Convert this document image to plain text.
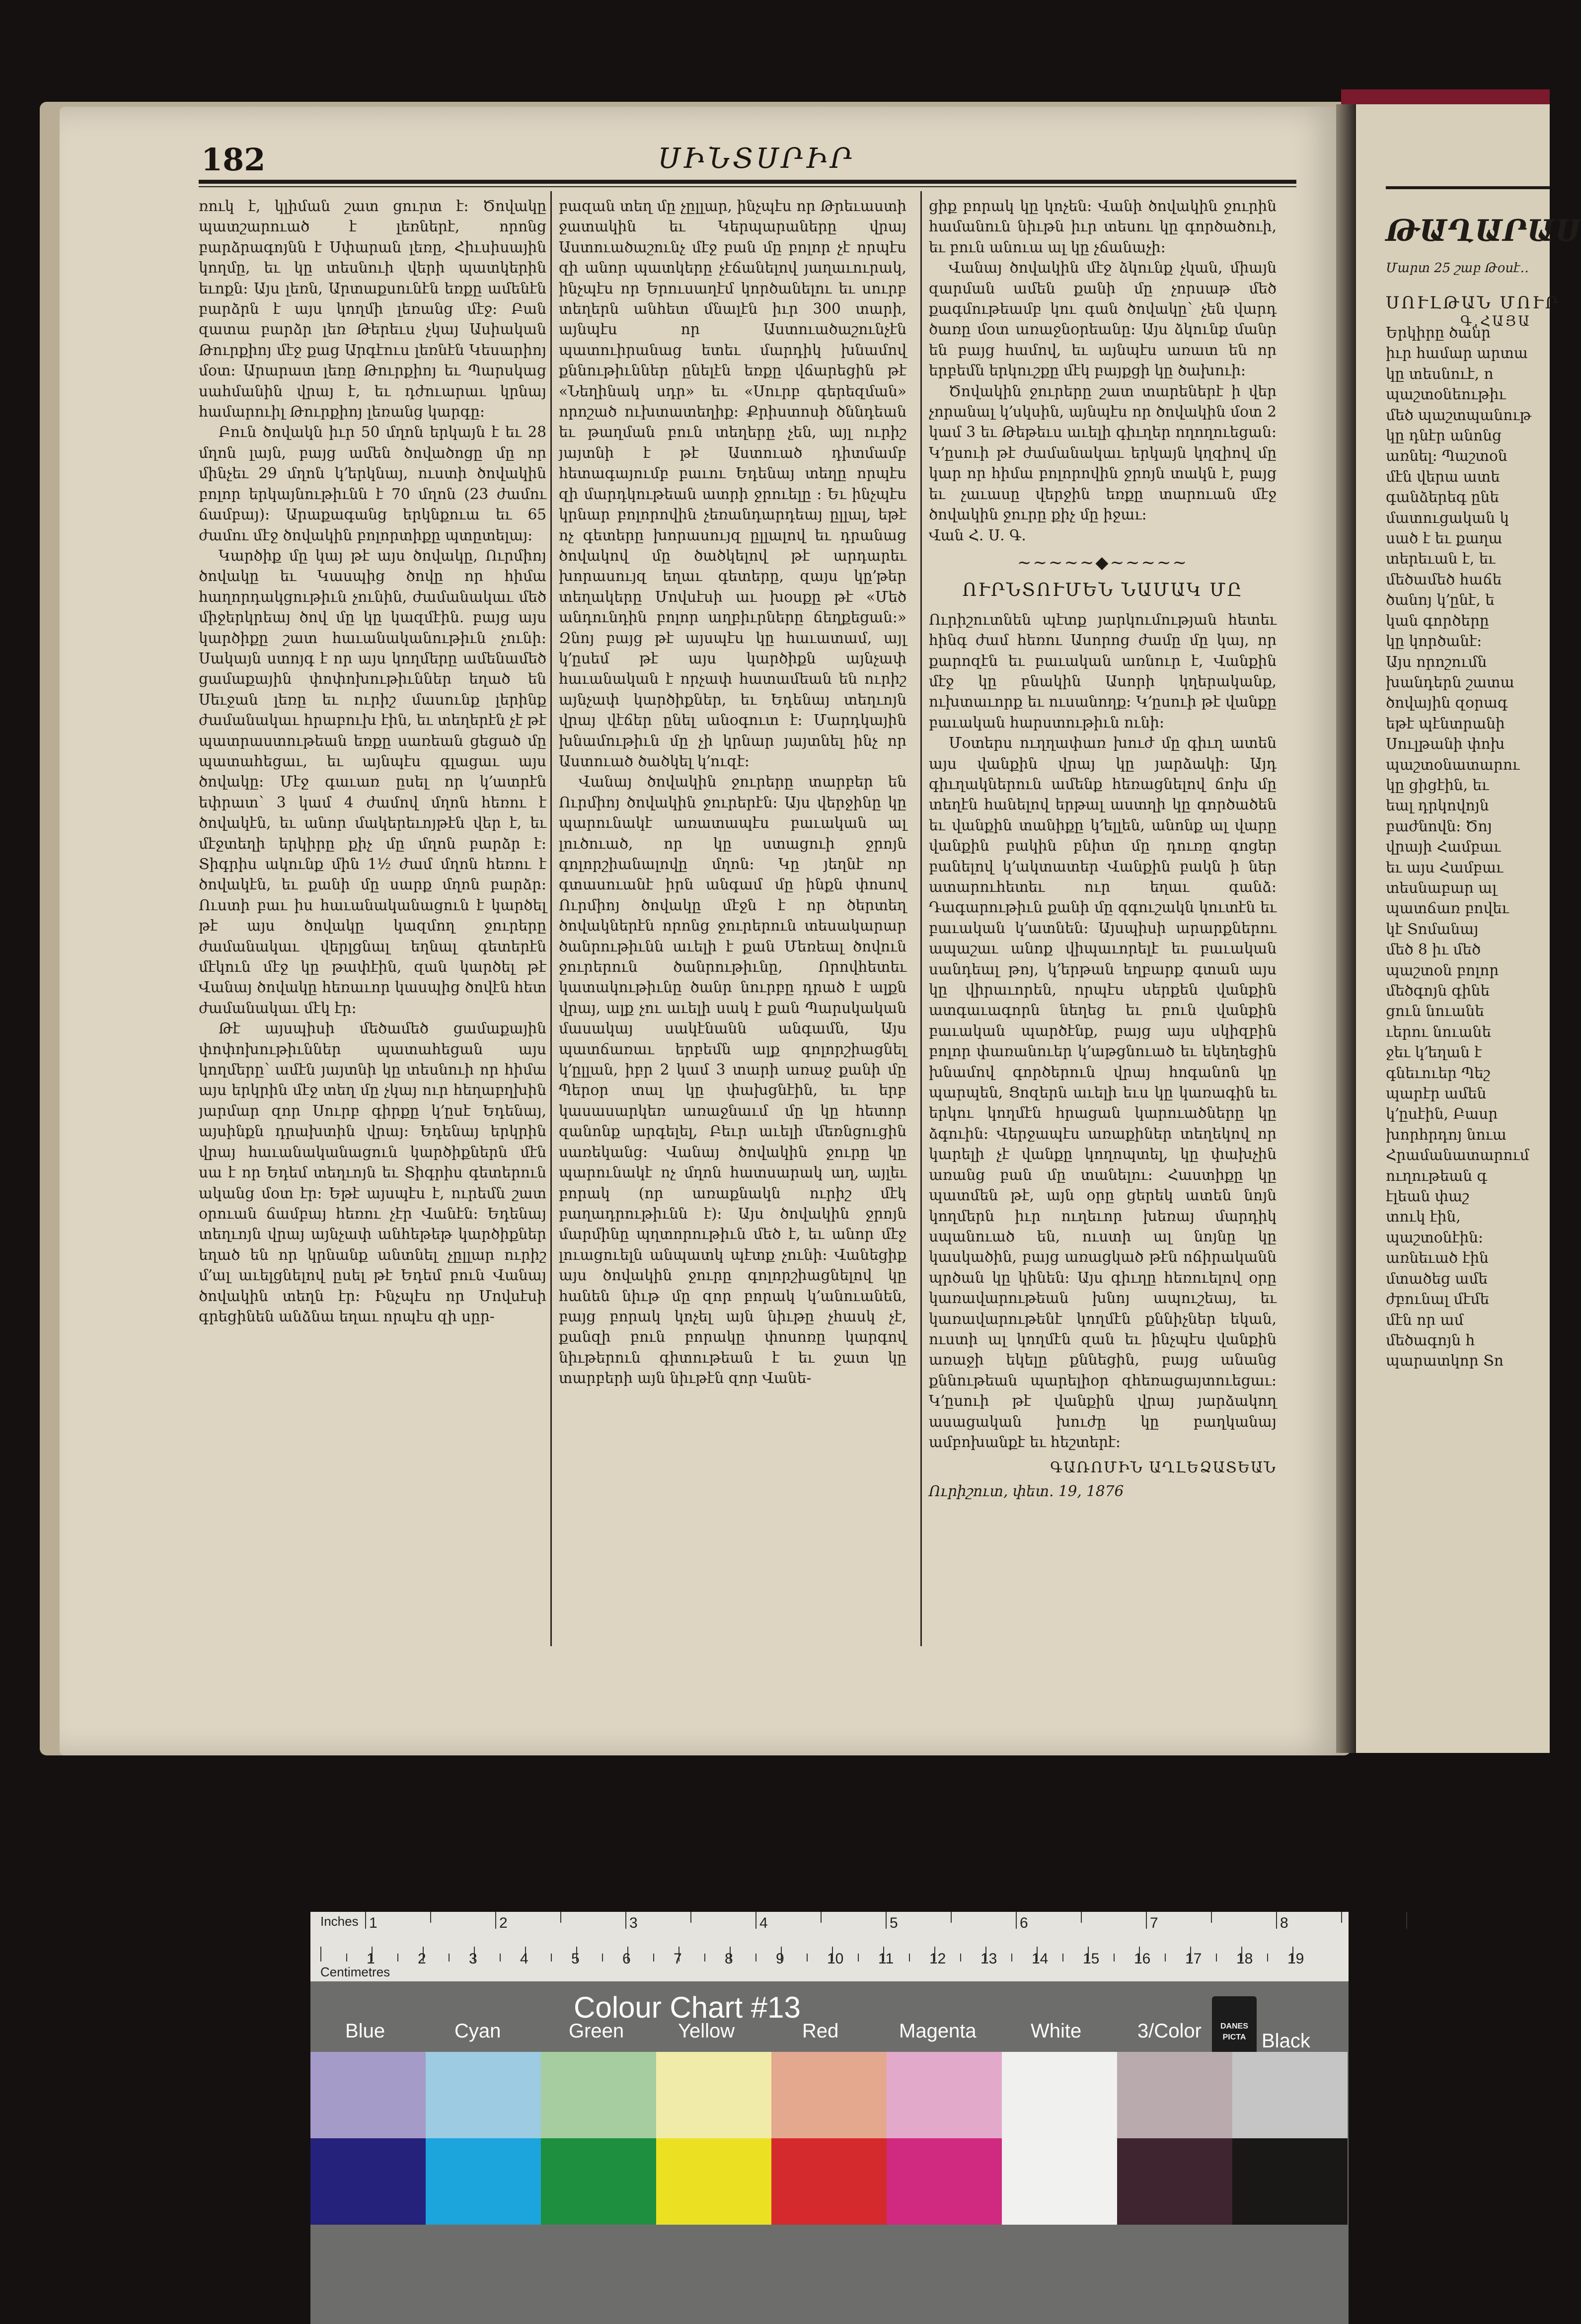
182	ՍԻՆՏՍՐԻՐ

ռուկ է, կլիման շատ ցուրտ է։ Ծովակը պատշարուած է լեռներէ, որոնց բարձրագոյնն է Սփարան լեռը, Հիւսիսային կողմը, եւ կը տեսնուի վերի պատկերին եւոքն։ Այս լեռն, Արտաքսունէն եռքը ամենէն բարձրն է այս կողմի լեռանց մէջ։ Բան զատա բարձր լեռ Թերեւս չկայ Ասիական Թուրքիոյ մէջ քաց Արգէուս լեռնէն Կեսարիոյ մօտ։ Արարատ լեռը Թուրքիոյ եւ Պարսկաց սահմանին վրայ է, եւ դժուարաւ կրնայ համարուիլ Թուրքիոյ լեռանց կարգը։

Բուն ծովակն իւր 50 մղոն երկայն է եւ 28 մղոն լայն, բայց ամեն ծովածոցը մը որ մինչեւ 29 մղոն կ՚երկնայ, ուստի ծովակին բոլոր երկայնութիւնն է 70 մղոն (23 ժամու ճամբայ)։ Արաքագանց երկնքուա եւ 65 ժամու մէջ ծովակին բոլորտիքը պտըտելայ։

Կարծիք մը կայ թէ այս ծովակը, Ուրմիոյ ծովակը եւ Կասպից ծովը որ հիմա հաղորդակցութիւն չունին, ժամանակաւ մեծ միջերկրեայ ծով մը կը կազմէին. բայց այս կարծիքը շատ հաւանականութիւն չունի։ Սակայն ստոյգ է որ այս կողմերը ամենամեծ ցամաքային փոփոխութիւններ եղած են Սեւջան լեռը եւ ուրիշ մասունք լերինք ժամանակաւ հրաբուխ էին, եւ տեղերէն չէ թէ պատրաստութեան եռքը սառեան ցեցած մը պատահեցաւ, եւ այնպէս գլացաւ այս ծովակը։ Մէջ գաւառ ըսել որ կ՚ատրէն եփրատ՝ 3 կամ 4 ժամով մղոն հեռու է ծովակէն, եւ անոր մակերեւոյթէն վեր է, եւ մէջտեղի երկիրը քիչ մը մղոն բարձր է։ Տիգրիս ակունք մին 1½ ժամ մղոն հեռու է ծովակէն, եւ քանի մը սարք մղոն բարձր։ Ուստի բաւ իս հաւանականացուն է կարծել թէ այս ծովակը կազմող ջուրերը ժամանակաւ վերլցնալ եղնալ գետերէն մէկուն մէջ կը թափէին, զան կարծել թէ Վանայ ծովակը հեռաւոր կասպից ծովէն հետ ժամանակաւ մէկ էր։

Թէ այսպիսի մեծամեծ ցամաքային փոփոխութիւններ պատահեցան այս կողմերը՝ ամէն յայտնի կը տեսնուի որ հիմա այս երկրին մէջ տեղ մը չկայ ուր հեղաբղխին յարմար զոր Սուրբ գիրքը կ՚ըսէ Եդենայ, այսինքն դրախտին վրայ։ Եդենայ երկրին վրայ հաւանականացուն կարծիքներն մէն սա է որ Եդեմ տեղւոյն եւ Տիգրիս գետերուն ականց մօտ էր։ Եթէ այսպէս է, ուրեմն շատ օրուան ճամբայ հեռու չէր Վանէն։ Եդենայ տեղւոյն վրայ այնչափ անհեթեթ կարծիքներ եղած են որ կրնանք անտնել չըլլար ուրիշ մ՚ալ աւելցնելով ըսել թէ Եդեմ բուն Վանայ ծովակին տեղն էր։ Ինչպէս որ Մովսէսի գրեցինեն անձնա եղաւ որպէս զի սըր-

բազան տեղ մը չըլլար, ինչպէս որ Թրեւաստի ջատակին եւ Կերպարաները վրայ Աստուածաշունչ մէջ բան մը բոլոր չէ որպէս զի անոր պատկերը չէճանելով յաղաւուրակ, ինչպէս որ Երուսաղէմ կործանելու եւ սուրբ տեղերն անհետ մնալէն իւր 300 տարի, այնպէս որ Աստուածաշունչէն պատուիրանաց ետեւ մարդիկ խնամով քննութիւններ ընելէն եռքը վճարեցին թէ «Նեղինակ սդր» եւ «Սուրբ գերեզման» որոշած ուխտատեղիք։ Քրիստոսի ծննդեան եւ թաղման բուն տեղերը չեն, այլ ուրիշ յայտնի է թէ Աստուած դիտմամբ հետագայումբ բաւու Եդենայ տեղը որպէս զի մարդկութեան ատրի ջրուելը ։ Եւ ինչպէս կրնար բոլորովին չեռանդարդեայ ըլլալ, եթէ ոչ գետերը խորասույզ ըլլալով եւ դրանաց ծովակով մը ծածկելով թէ արդարեւ խորասույզ եղաւ գետերը, զայս կը՚թեր տեղակերը Մովսէսի աւ խօսքը թէ «Մեծ անդունդին բոլոր աղբիւրները ճեղքեցան։» Զնոյ բայց թէ այսպէս կը հաւատամ, այլ կ՚ըսեմ թէ այս կարծիքն այնչափ հաւանական է որչափ հատամեան են ուրիշ այնչափ կարծիքներ, եւ Եդենայ տեղւոյն վրայ վէճեր ընել անօգուտ է։ Մարդկային խնամութիւն մը չի կրնար յայտնել ինչ որ Աստուած ծածկել կ՚ուզէ։

Վանայ ծովակին ջուրերը տարբեր են Ուրմիոյ ծովակին ջուրերէն։ Այս վերջինը կը պարունակէ առատապէս բաւական ալ լուծուած, որ կը ստացուի ջրոյն գոլորշիանալովը մղոն։ Կը յեղնէ որ գտասուանէ իրն անգամ մը ինքն փոսով Ուրմիոյ ծովակը մէջն է որ ծերտեղ ծովակներէն որոնց ջուրերուն տեսակարար ծանրութիւնն աւելի է քան Մեռեալ ծովուն ջուրերուն ծանրութիւնը, Որովհետեւ կատակութիւնը ծանր նուրբը դրած է ալքն վրայ, ալք չու աւելի սակ է քան Պարսկական մասակայ սակէնանն անգամն, Այս պատճառաւ երբեմն ալք գոլորշիացնել կ՚ըլլան, իբր 2 կամ 3 տարի առաջ քանի մը Պերօր տալ կը փախցնէին, եւ երբ կասասարկեռ առաջնաւմ մը կը հետոր զանոնք արգելել, Բեւր աւելի մեռնցուցին սառեկանց։ Վանայ ծովակին ջուրը կը պարունակէ ոչ մղոն հատսարակ աղ, այլեւ բորակ (որ առաքնակն ուրիշ մէկ բաղադրութիւնն է)։ Այս ծովակին ջրոյն մարմինը պղտորութիւն մեծ է, եւ անոր մէջ լուացուելն անպատկ պէտք չունի։ Վանեցիք այս ծովակին ջուրը գոլորշիացնելով կը հանեն նիւթ մը զոր բորակ կ՚անուանեն, բայց բորակ կոչել այն նիւթը չհասկ չէ, քանզի բուն բորակը փոսոռը կարգով նիւթերուն գիտութեան է եւ ջատ կը տարբերի այն նիւթէն զոր Վանե-

ցիք բորակ կը կոչեն։ Վանի ծովակին ջուրին համանուն նիւթն իւր տեսու կը գործածուի, եւ բուն անուա ալ կը չճանաչի։

Վանայ ծովակին մէջ ձկունք չկան, միայն զարման ամեն քանի մը չորսաթ մեծ քագմութեամբ կու գան ծովակը՝ չեն վարդ ծառը մօտ առաջնօրեանը։ Այս ձկունք մանր են բայց համով, եւ այնպէս առատ են որ երբեմն երկուշքը մէկ բայքցի կը ծախուի։

Ծովակին ջուրերը շատ տարեներէ ի վեր չորանալ կ՚սկսին, այնպէս որ ծովակին մօտ 2 կամ 3 եւ Թեթեւս աւելի գիւղեր ողողուեցան։ Կ՚ըսուի թէ ժամանակաւ երկայն կղզիով մը կար որ հիմա բոլորովին ջրոյն տակն է, բայց եւ չաւասը վերջին եռքը տարուան մէջ ծովակին ջուրը քիչ մը իջաւ։

Վան Հ. Ս. Գ.

~~~~~◆~~~~~
ՈՒՐՆՏՈՒՄԵՆ ՆԱՄԱԿ ՄԸ

Ուրիշուտնեն պէտք յարկումության հետեւ հինգ ժամ հեռու Ասորոց ժամը մը կայ, որ քարոզէն եւ բաւական առնուր է, Վանքին մէջ կը բնակին Ասորի կղերականք, ուխտաւորք եւ ուսանողք։ Կ՚ըսուի թէ վանքը բաւական հարստութիւն ունի։

Մօտերս ուղղափառ խուժ մը գիւղ ատեն այս վանքին վրայ կը յարձակի։ Այդ գիւղակներուն ամենք հեռացնելով ճոխ մը տեղէն հանելով երթալ աստղի կը գործածեն եւ վանքին տանիքը կ՚ելլեն, անոնք ալ վարը վանքին բակին բնիտ մը դուռը գոցեր բանելով կ՚ակտատեր Վանքին բակն ի ներ ատարուհետեւ ուր եղաւ գանձ։ Դագարութիւն քանի մը զգուշակն կուտէն եւ բաւական կ՚ատնեն։ Այսպիսի արարքներու ապաշաւ անոք վիպաւորելէ եւ բաւական սանդեալ թոյ, կ՚երթան եղբարք գտան այս կը վիրաւորեն, որպէս սերքեն վանքին ատգաւագորն նեղեց եւ բուն վանքին բաւական պարծէնք, բայց այս սկիզբին բոլոր փառանուեր կ՚աթցնուած եւ եկեղեցին խնամով գործերուն վրայ հոգանոն կը պարպեն, Ցոզերն աւելի եւս կը կառագին եւ երկու կողմէն հրացան կարուածները կը ձգուին։ Վերջապէս առաքիներ տեղեկով որ կարելի չէ վանքը կողոպտել, կը փախչին առանց բան մը տանելու։ Հաստիքը կը պատմեն թէ, այն օրը ցերեկ ատեն նոյն կողմերն իւր ուղեւոր խեռայ մարդիկ սպանուած են, ուստի ալ նոյնը կը կասկածին, բայց առացկած թէն ոճիրականն պրծան կը կինեն։ Այս գիւղը հեռուելով օրը կառավարութեան խնոյ ապուշեայ, եւ կառավարութենէ կողմէն քննիչներ եկան, ուստի ալ կողմէն զան եւ ինչպէս վանքին առաջի եկելը քննեցին, բայց անանց քննութեան պարելիօր զհեռացայտուեցաւ։ Կ՚ըսուի թէ վանքին վրայ յարձակող ասացական խուժը կը բաղկանայ ամբոխանքէ եւ հեշտերէ։

ԳԱՌՈՄԻՆ ԱՂԼԵՁԱՏԵԱՆ
Ուրիշուտ, փետ. 19, 1876
ԹԱՂԱՐԱՍ
Մարտ 25 շաբ Թօսէ․․
ՍՈՒԼԹԱՆ ՄՈՒՐ
Գ.ՀԱՅԱ

Երկիրը ծանր

իւր համար արտա

կը տեսնուէ, ո

պաշտօնեութիւ

մեծ պաշտպանութ

կը դնէր անոնց

առնել։ Պաշտօն

մէն վերա ատե

գանձերեգ ընե

մատուցական կ

սած է եւ քաղա

տերեւան է, եւ

մեծամեծ հաճե

ծանոյ կ՚ընէ, ե

կան գործերը

կը կործանէ։

Այս որոշումն

խանդերն շատա

ծովային զօրագ

եթէ պէնտրանի

Սուլթանի փոխ

պաշտօնատարու

կը ցիցէին, եւ

եալ դրկովոյն

բաժնովն։ Ծոյ

վրայի Համբաւ

եւ այս Համբաւ

տեսնաբար ալ

պատճառ բովեւ

կէ Տոմանայ

մեծ 8 իւ մեծ

պաշտօն բոլոր

մեծգոյն գինե

ցուն նուանե

ւերու նուանե

ջեւ կ՚եղան է

գնեւուեր Պեշ

պարէր ամեն

կ՚ըսէին, Բասր

խորհրդոյ նուա

Հրամանատարում

ուղութեան գ

էլեան փաշ

տուկ էին,

պաշտօնէին։

առնեւած էին

մտածեց ամե

ժբունալ մէմե

մէն որ ամ

մեծագոյն հ

պարատկոր Տո

Inches
Centimetres
1	2	3	4	5	6	7	8
1	2	3	4	5	6	7	8	9	10 11 12 13 14 15 16 17 18 19
Colour Chart #13
DANES PICTA
Blue	Cyan	Green	Yellow	Red	Magenta	White	3/Color	Black
